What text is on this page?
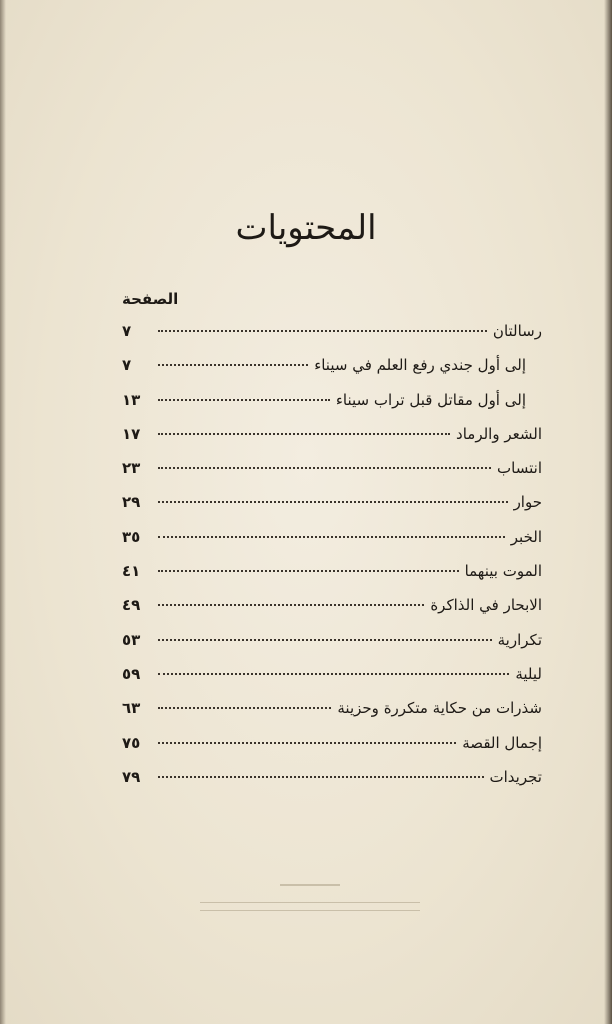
المحتويات
الصفحة
رسالتان
٧
إلى أول جندي رفع العلم في سيناء
٧
إلى أول مقاتل قبل تراب سيناء
١٣
الشعر والرماد
١٧
انتساب
٢٣
حوار
٢٩
الخبر
٣٥
الموت بينهما
٤١
الابحار في الذاكرة
٤٩
تكرارية
٥٣
ليلية
٥٩
شذرات من حكاية متكررة وحزينة
٦٣
إجمال القصة
٧٥
تجريدات
٧٩
